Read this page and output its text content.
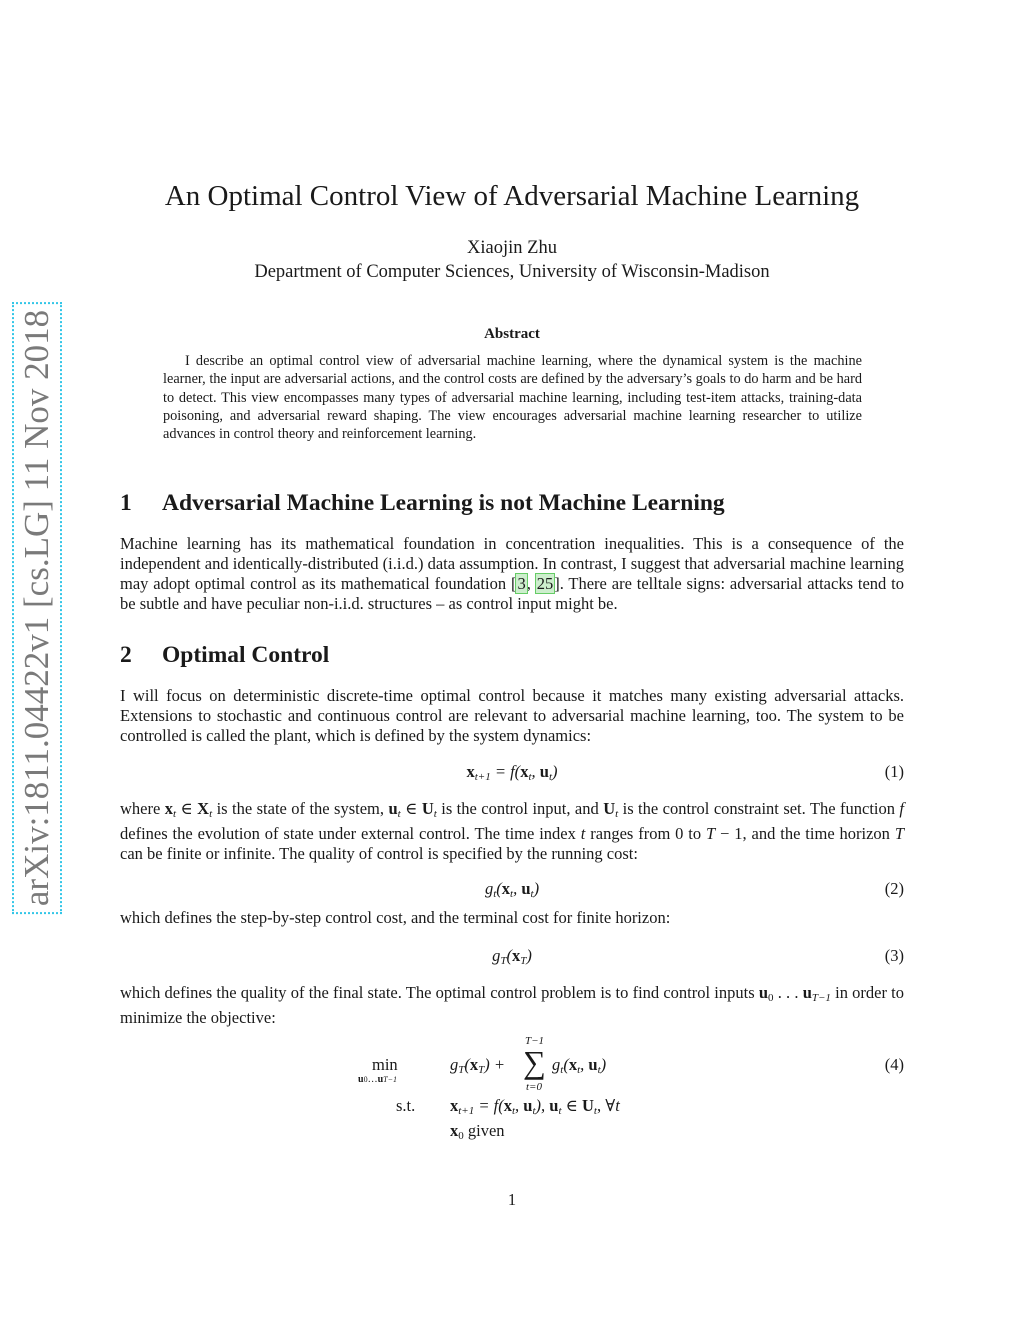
arXiv:1811.04422v1 [cs.LG] 11 Nov 2018
An Optimal Control View of Adversarial Machine Learning
Xiaojin Zhu
Department of Computer Sciences, University of Wisconsin-Madison
Abstract

I describe an optimal control view of adversarial machine learning, where the dynamical system is the machine learner, the input are adversarial actions, and the control costs are defined by the adversary’s goals to do harm and be hard to detect. This view encompasses many types of adversarial machine learning, including test-item attacks, training-data poisoning, and adversarial reward shaping. The view encourages adversarial machine learning researcher to utilize advances in control theory and reinforcement learning.

1 Adversarial Machine Learning is not Machine Learning

Machine learning has its mathematical foundation in concentration inequalities. This is a consequence of the independent and identically-distributed (i.i.d.) data assumption. In contrast, I suggest that adversarial machine learning may adopt optimal control as its mathematical foundation [3, 25]. There are telltale signs: adversarial attacks tend to be subtle and have peculiar non-i.i.d. structures – as control input might be.

2 Optimal Control

I will focus on deterministic discrete-time optimal control because it matches many existing adversarial attacks. Extensions to stochastic and continuous control are relevant to adversarial machine learning, too. The system to be controlled is called the plant, which is defined by the system dynamics:

$x_{t+1} = f(x_t$, $u_t$)	(1)

where $x_t$ ∈ $X_t$ is the state of the system, $u_t$ ∈ $U_t$ is the control input, and $U_t$ is the control constraint set. The function f defines the evolution of state under external control. The time index t ranges from 0 to T − 1, and the time horizon T can be finite or infinite. The quality of control is specified by the running cost:

$g_t(x_t$, $u_t$)	(2)

which defines the step-by-step control cost, and the terminal cost for finite horizon:

$g_T(x_T)$	(3)

which defines the quality of the final state. The optimal control problem is to find control inputs $u_0$ . . . $u_{T-1}$ in order to minimize the objective:

min
u0…uT−1
$g_T(x_T)$ +
T−1
∑
t=0
$g_t(x_t$, $u_t$)	(4)
s.t. $x_{t+1} = f(x_t$, $u_t$), $u_t$ ∈ $U_t$, ∀t
$x_0$ given
1
